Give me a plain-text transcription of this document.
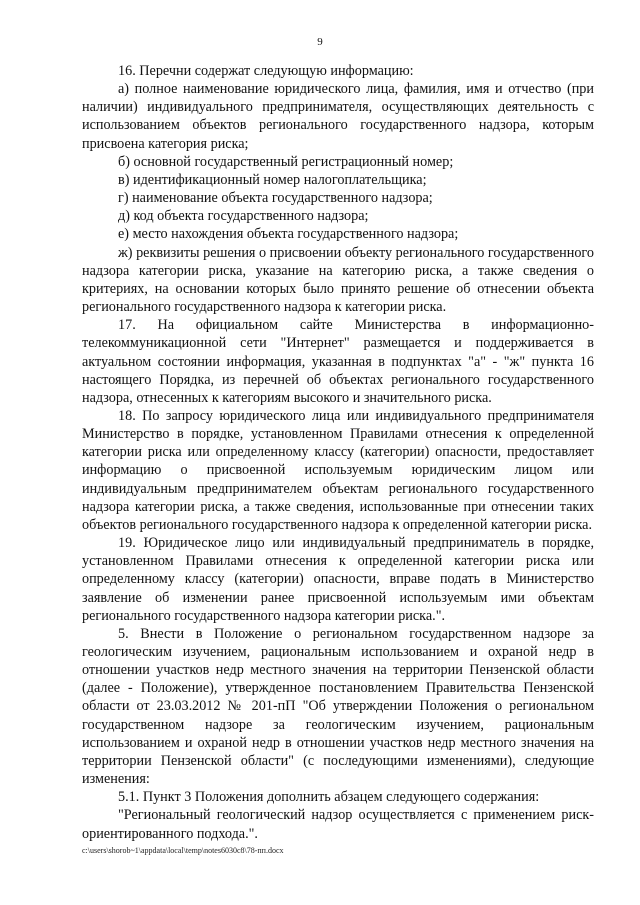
9

16. Перечни содержат следующую информацию:

а) полное наименование юридического лица, фамилия, имя и отчество (при наличии) индивидуального предпринимателя, осуществляющих деятельность с использованием объектов регионального государственного надзора, которым присвоена категория риска;

б) основной государственный регистрационный номер;

в) идентификационный номер налогоплательщика;

г) наименование объекта государственного надзора;

д) код объекта государственного надзора;

е) место нахождения объекта государственного надзора;

ж) реквизиты решения о присвоении объекту регионального государственного надзора категории риска, указание на категорию риска, а также сведения о критериях, на основании которых было принято решение об отнесении объекта регионального государственного надзора к категории риска.

17. На официальном сайте Министерства в информационно-телекоммуникационной сети "Интернет" размещается и поддерживается в актуальном состоянии информация, указанная в подпунктах "а" - "ж" пункта 16 настоящего Порядка, из перечней об объектах регионального государственного надзора, отнесенных к категориям высокого и значительного риска.

18. По запросу юридического лица или индивидуального предпринимателя Министерство в порядке, установленном Правилами отнесения к определенной категории риска или определенному классу (категории) опасности, предоставляет информацию о присвоенной используемым юридическим лицом или индивидуальным предпринимателем объектам регионального государственного надзора категории риска, а также сведения, использованные при отнесении таких объектов регионального государственного надзора к определенной категории риска.

19. Юридическое лицо или индивидуальный предприниматель в порядке, установленном Правилами отнесения к определенной категории риска или определенному классу (категории) опасности, вправе подать в Министерство заявление об изменении ранее присвоенной используемым ими объектам регионального государственного надзора категории риска.".

5. Внести в Положение о региональном государственном надзоре за геологическим изучением, рациональным использованием и охраной недр в отношении участков недр местного значения на территории Пензенской области (далее - Положение), утвержденное постановлением Правительства Пензенской области от 23.03.2012 № 201-пП "Об утверждении Положения о региональном государственном надзоре за геологическим изучением, рациональным использованием и охраной недр в отношении участков недр местного значения на территории Пензенской области" (с последующими изменениями), следующие изменения:

5.1. Пункт 3 Положения дополнить абзацем следующего содержания:

"Региональный геологический надзор осуществляется с применением риск-ориентированного подхода.".

c:\users\shorob~1\appdata\local\temp\notes6030c8\78-пп.docx
